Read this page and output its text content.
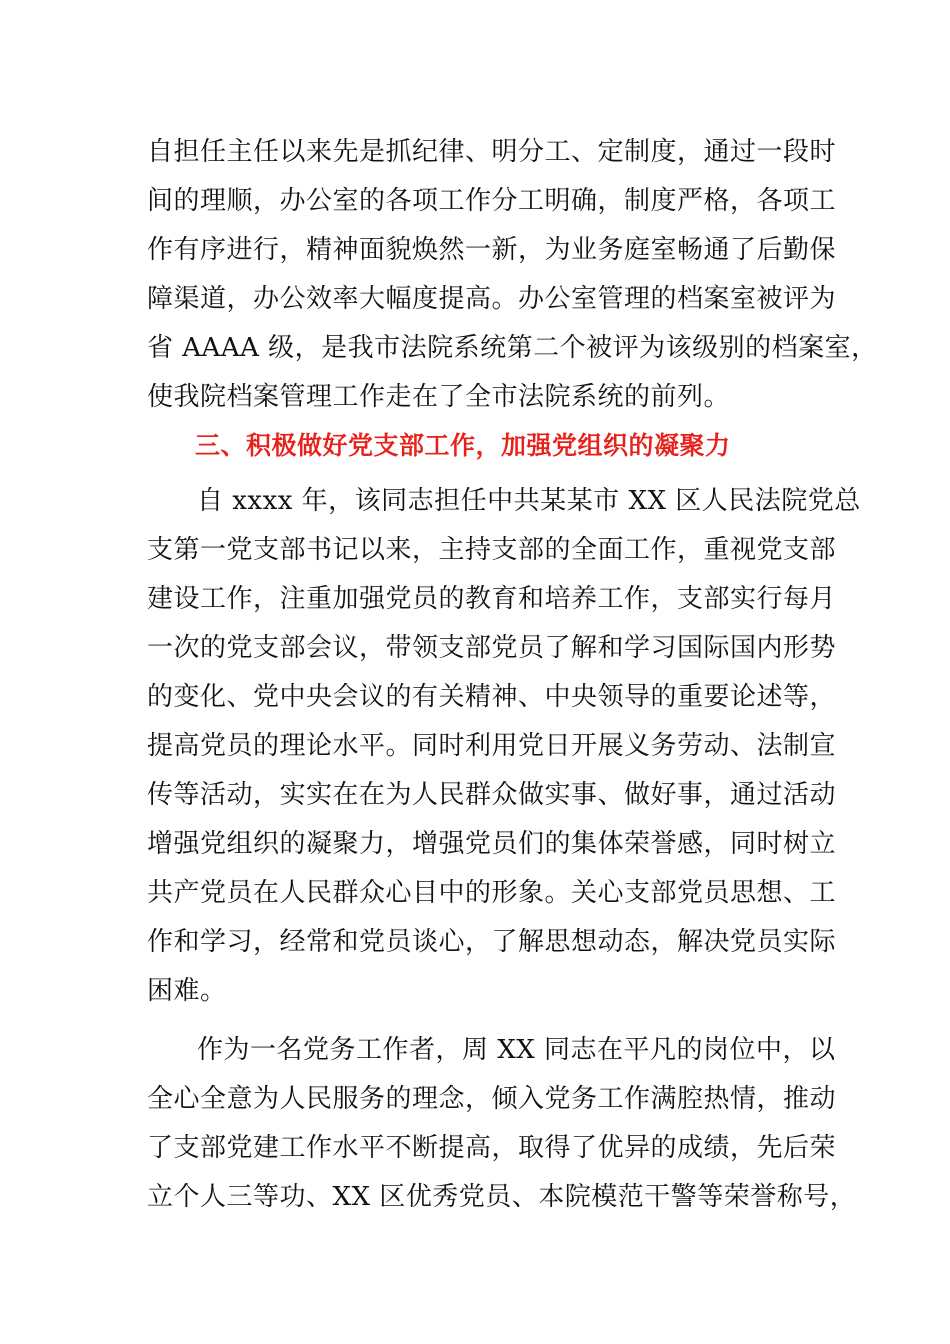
自担任主任以来先是抓纪律、明分工、定制度，通过一段时
间的理顺，办公室的各项工作分工明确，制度严格，各项工
作有序进行，精神面貌焕然一新，为业务庭室畅通了后勤保
障渠道，办公效率大幅度提高。办公室管理的档案室被评为
省 AAAA 级，是我市法院系统第二个被评为该级别的档案室，
使我院档案管理工作走在了全市法院系统的前列。
三、积极做好党支部工作，加强党组织的凝聚力
自 xxxx 年，该同志担任中共某某市 XX 区人民法院党总
支第一党支部书记以来，主持支部的全面工作，重视党支部
建设工作，注重加强党员的教育和培养工作，支部实行每月
一次的党支部会议，带领支部党员了解和学习国际国内形势
的变化、党中央会议的有关精神、中央领导的重要论述等，
提高党员的理论水平。同时利用党日开展义务劳动、法制宣
传等活动，实实在在为人民群众做实事、做好事，通过活动
增强党组织的凝聚力，增强党员们的集体荣誉感，同时树立
共产党员在人民群众心目中的形象。关心支部党员思想、工
作和学习，经常和党员谈心，了解思想动态，解决党员实际
困难。
作为一名党务工作者，周 XX 同志在平凡的岗位中，以
全心全意为人民服务的理念，倾入党务工作满腔热情，推动
了支部党建工作水平不断提高，取得了优异的成绩，先后荣
立个人三等功、XX 区优秀党员、本院模范干警等荣誉称号，
